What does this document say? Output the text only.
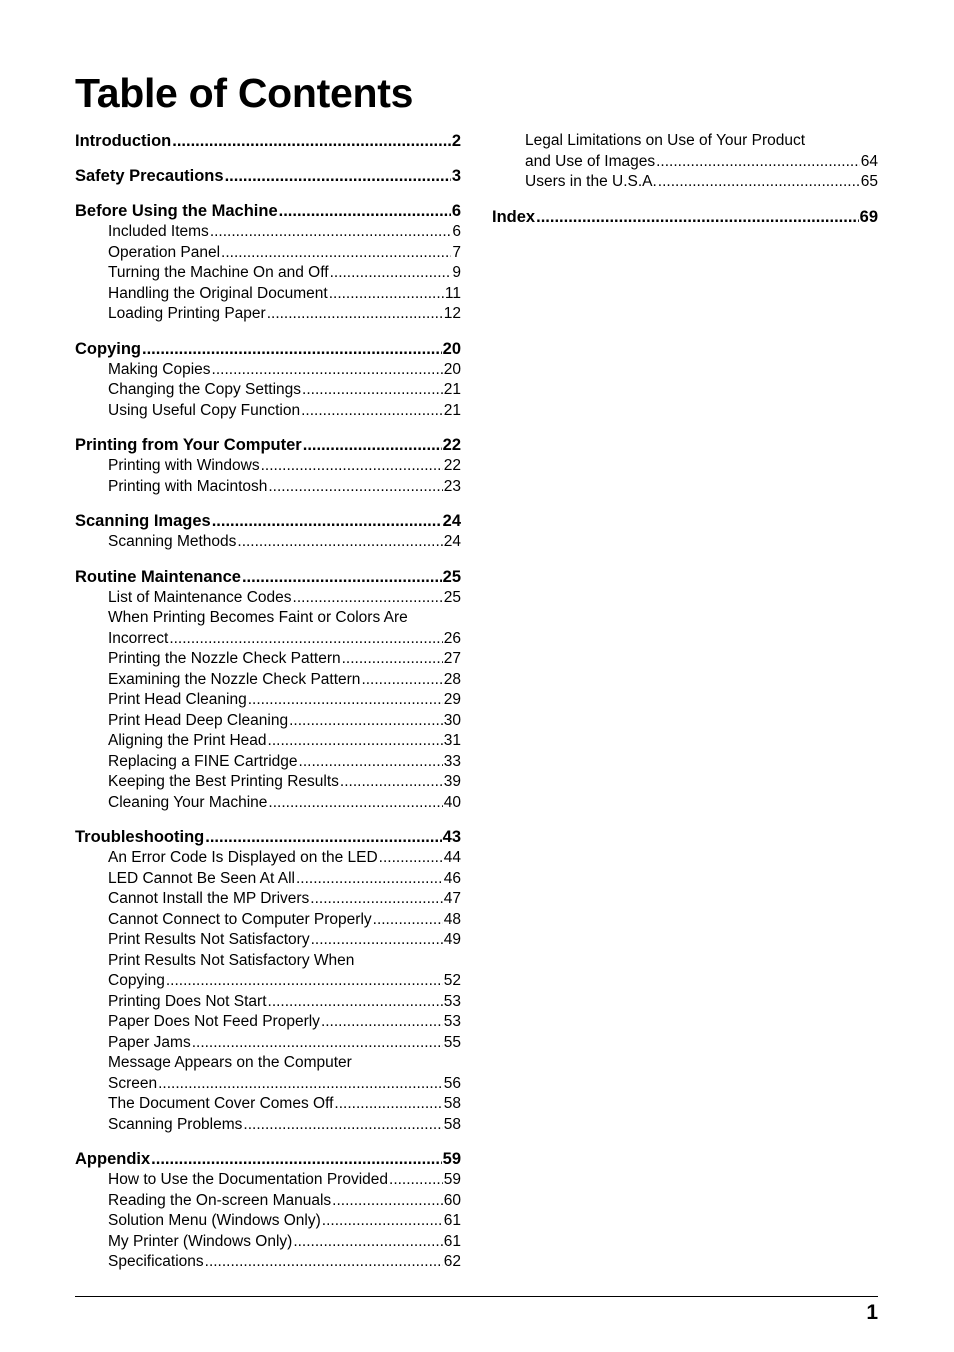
Table of Contents
Introduction .....	2
Safety Precautions .....	3
Before Using the Machine .....	6
Included Items .....	6
Operation Panel .....	7
Turning the Machine On and Off .....	9
Handling the Original Document .....	11
Loading Printing Paper .....	12
Copying .....	20
Making Copies .....	20
Changing the Copy Settings .....	21
Using Useful Copy Function .....	21
Printing from Your Computer .....	22
Printing with Windows .....	22
Printing with Macintosh .....	23
Scanning Images .....	24
Scanning Methods .....	24
Routine Maintenance .....	25
List of Maintenance Codes .....	25
When Printing Becomes Faint or Colors Are
Incorrect .....	26
Printing the Nozzle Check Pattern .....	27
Examining the Nozzle Check Pattern .....	28
Print Head Cleaning .....	29
Print Head Deep Cleaning .....	30
Aligning the Print Head .....	31
Replacing a FINE Cartridge .....	33
Keeping the Best Printing Results .....	39
Cleaning Your Machine .....	40
Troubleshooting .....	43
An Error Code Is Displayed on the LED .....	44
LED Cannot Be Seen At All .....	46
Cannot Install the MP Drivers .....	47
Cannot Connect to Computer Properly .....	48
Print Results Not Satisfactory .....	49
Print Results Not Satisfactory When
Copying .....	52
Printing Does Not Start .....	53
Paper Does Not Feed Properly .....	53
Paper Jams .....	55
Message Appears on the Computer
Screen .....	56
The Document Cover Comes Off .....	58
Scanning Problems .....	58
Appendix .....	59
How to Use the Documentation Provided .....	59
Reading the On-screen Manuals .....	60
Solution Menu (Windows Only) .....	61
My Printer (Windows Only) .....	61
Specifications .....	62
Legal Limitations on Use of Your Product
and Use of Images .....	64
Users in the U.S.A. .....	65
Index .....	69
1
